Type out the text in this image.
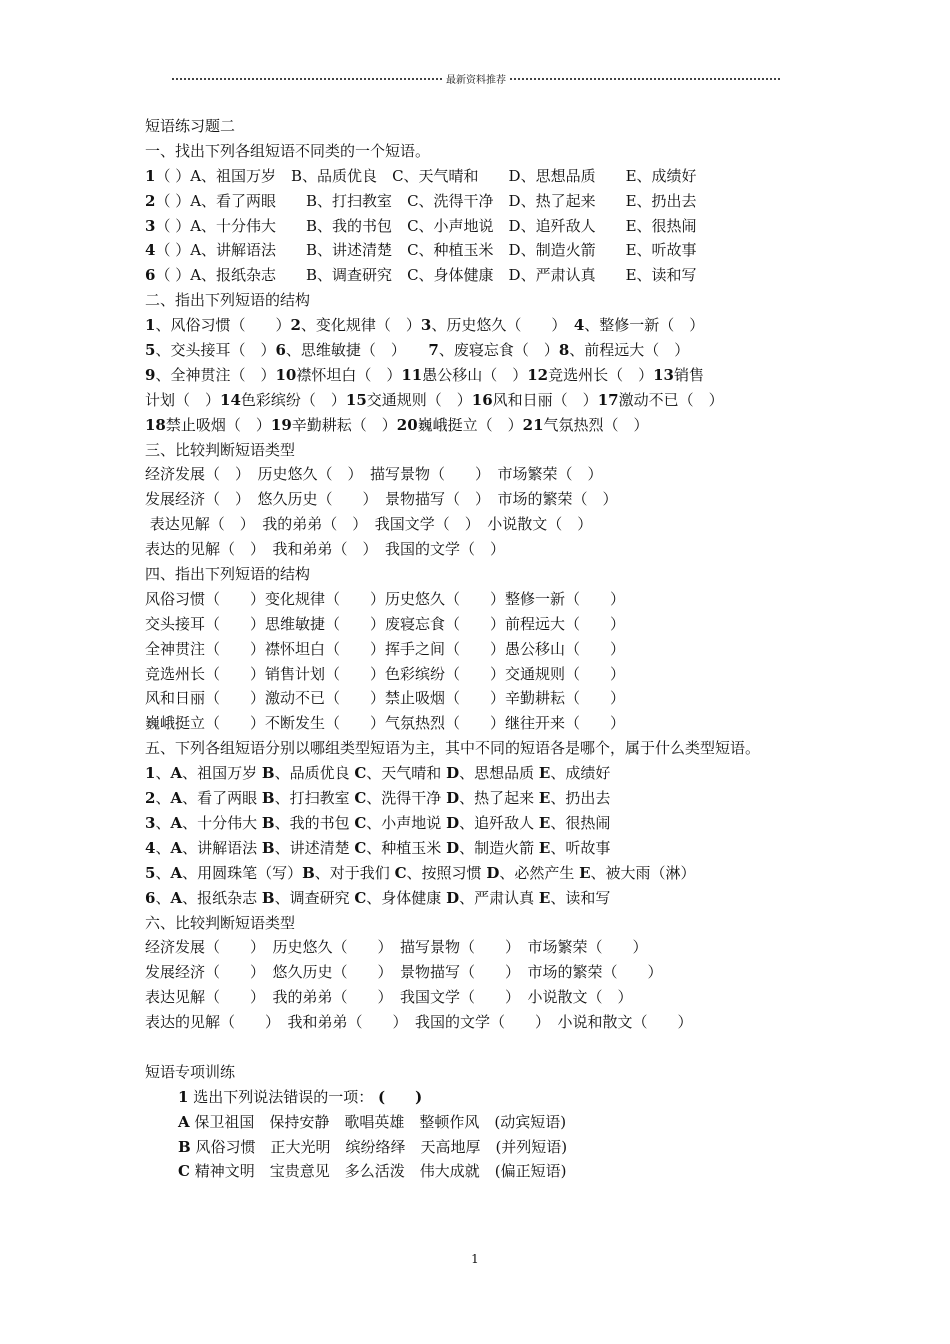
最新资料推荐
短语练习题二
一、找出下列各组短语不同类的一个短语。
1（ ）A、祖国万岁　B、品质优良　C、天气晴和　　D、思想品质　　E、成绩好
2（ ）A、看了两眼　　B、打扫教室　C、洗得干净　D、热了起来　　E、扔出去
3（ ）A、十分伟大　　B、我的书包　C、小声地说　D、追歼敌人　　E、很热闹
4（ ）A、讲解语法　　B、讲述清楚　C、种植玉米　D、制造火箭　　E、听故事
6（ ）A、报纸杂志　　B、调查研究　C、身体健康　D、严肃认真　　E、读和写
二、指出下列短语的结构
1、风俗习惯（　　）2、变化规律（　）3、历史悠久（　　）　4、整修一新（　）
5、交头接耳（　）6、思维敏捷（　）　　7、废寝忘食（　）8、前程远大（　）
9、全神贯注（　）10襟怀坦白（　）11愚公移山（　）12竞选州长（　）13销售
计划（　）14色彩缤纷（　）15交通规则（　）16风和日丽（　）17激动不已（　）
18禁止吸烟（　）19辛勤耕耘（　）20巍峨挺立（　）21气氛热烈（　）
三、比较判断短语类型
经济发展（　）　历史悠久（　）　描写景物（　　）　市场繁荣（　）
发展经济（　）　悠久历史（　　）　景物描写（　）　市场的繁荣（　）
表达见解（　）　我的弟弟（　）　我国文学（　）　小说散文（　）
表达的见解（　）　我和弟弟（　）　我国的文学（　）
四、指出下列短语的结构
风俗习惯（　　）变化规律（　　）历史悠久（　　）整修一新（　　）
交头接耳（　　）思维敏捷（　　）废寝忘食（　　）前程远大（　　）
全神贯注（　　）襟怀坦白（　　）挥手之间（　　）愚公移山（　　）
竞选州长（　　）销售计划（　　）色彩缤纷（　　）交通规则（　　）
风和日丽（　　）激动不已（　　）禁止吸烟（　　）辛勤耕耘（　　）
巍峨挺立（　　）不断发生（　　）气氛热烈（　　）继往开来（　　）
五、下列各组短语分别以哪组类型短语为主，其中不同的短语各是哪个，属于什么类型短语。
1、A、祖国万岁 B、品质优良 C、天气晴和 D、思想品质 E、成绩好
2、A、看了两眼 B、打扫教室 C、洗得干净 D、热了起来 E、扔出去
3、A、十分伟大 B、我的书包 C、小声地说 D、追歼敌人 E、很热闹
4、A、讲解语法 B、讲述清楚 C、种植玉米 D、制造火箭 E、听故事
5、A、用圆珠笔（写）B、对于我们 C、按照习惯 D、必然产生 E、被大雨（淋）
6、A、报纸杂志 B、调查研究 C、身体健康 D、严肃认真 E、读和写
六、比较判断短语类型
经济发展（　　）　历史悠久（　　）　描写景物（　　）　市场繁荣（　　）
发展经济（　　）　悠久历史（　　）　景物描写（　　）　市场的繁荣（　　）
表达见解（　　）　我的弟弟（　　）　我国文学（　　）　小说散文（　）
表达的见解（　　）　我和弟弟（　　）　我国的文学（　　）　小说和散文（　　）
短语专项训练
1 选出下列说法错误的一项： (　　)
A 保卫祖国　保持安静　歌唱英雄　整顿作风　(动宾短语)
B 风俗习惯　正大光明　缤纷络绎　天高地厚　(并列短语)
C 精神文明　宝贵意见　多么活泼　伟大成就　(偏正短语)
1
